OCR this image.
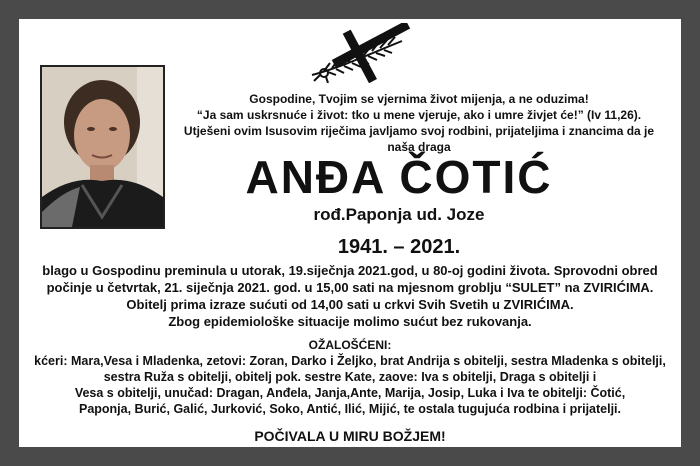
Gospodine, Tvojim se vjernima život mijenja, a ne oduzima!
“Ja sam uskrsnuće i život: tko u mene vjeruje, ako i umre živjet će!” (Iv 11,26).
Utješeni ovim Isusovim riječima javljamo svoj rodbini, prijateljima i znancima da je naša draga
ANĐA ČOTIĆ
rođ.Paponja ud. Joze
1941. – 2021.
blago u Gospodinu preminula u utorak, 19.siječnja 2021.god, u 80-oj godini života. Sprovodni obred
počinje u četvrtak, 21. siječnja 2021. god. u 15,00 sati na mjesnom groblju “SULET” na ZVIRIĆIMA.
Obitelj prima izraze sućuti od 14,00 sati u crkvi Svih Svetih u ZVIRIĆIMA.
Zbog epidemiološke situacije molimo sućut bez rukovanja.
OŽALOŠĆENI:
kćeri: Mara,Vesa i Mladenka, zetovi: Zoran, Darko i Željko, brat Andrija s obitelji, sestra Mladenka s obitelji,
sestra Ruža s obitelji, obitelj pok. sestre Kate, zaove: Iva s obitelji, Draga s obitelji i
Vesa s obitelji, unučad: Dragan, Anđela, Janja,Ante, Marija, Josip, Luka i Iva te obitelji: Čotić,
Paponja, Burić, Galić, Jurković, Soko, Antić, Ilić, Mijić, te ostala tugujuća rodbina i prijatelji.
POČIVALA U MIRU BOŽJEM!
